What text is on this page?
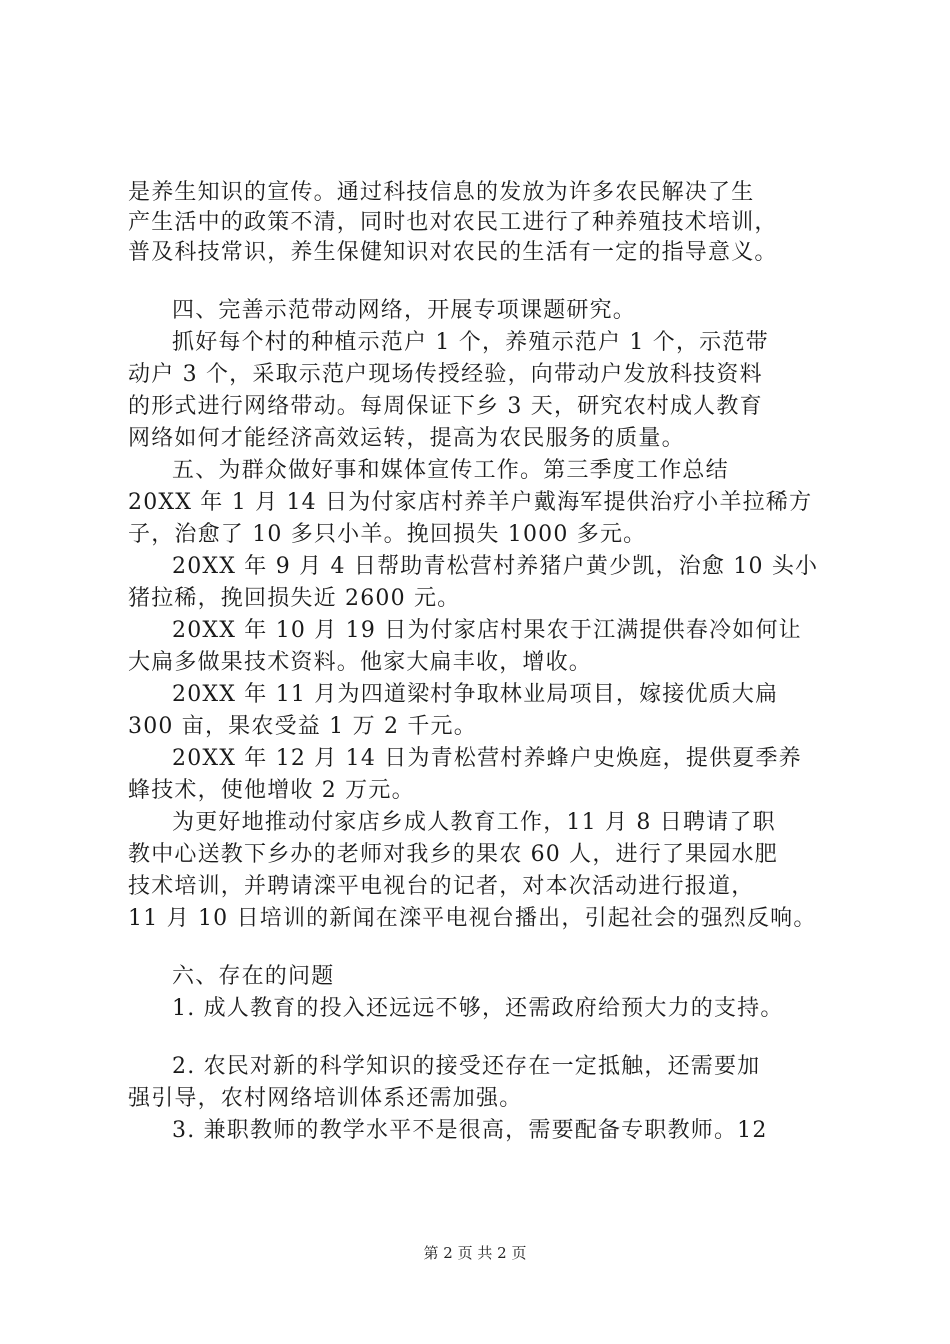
是养生知识的宣传。通过科技信息的发放为许多农民解决了生
产生活中的政策不清，同时也对农民工进行了种养殖技术培训，
普及科技常识，养生保健知识对农民的生活有一定的指导意义。
四、完善示范带动网络，开展专项课题研究。
抓好每个村的种植示范户 1 个，养殖示范户 1 个，示范带
动户 3 个，采取示范户现场传授经验，向带动户发放科技资料
的形式进行网络带动。每周保证下乡 3 天，研究农村成人教育
网络如何才能经济高效运转，提高为农民服务的质量。
五、为群众做好事和媒体宣传工作。第三季度工作总结
20XX 年 1 月 14 日为付家店村养羊户戴海军提供治疗小羊拉稀方
子，治愈了 10 多只小羊。挽回损失 1000 多元。
20XX 年 9 月 4 日帮助青松营村养猪户黄少凯，治愈 10 头小
猪拉稀，挽回损失近 2600 元。
20XX 年 10 月 19 日为付家店村果农于江满提供春冷如何让
大扁多做果技术资料。他家大扁丰收，增收。
20XX 年 11 月为四道梁村争取林业局项目，嫁接优质大扁
300 亩，果农受益 1 万 2 千元。
20XX 年 12 月 14 日为青松营村养蜂户史焕庭，提供夏季养
蜂技术，使他增收 2 万元。
为更好地推动付家店乡成人教育工作，11 月 8 日聘请了职
教中心送教下乡办的老师对我乡的果农 60 人，进行了果园水肥
技术培训，并聘请滦平电视台的记者，对本次活动进行报道，
11 月 10 日培训的新闻在滦平电视台播出，引起社会的强烈反响。
六、存在的问题
1. 成人教育的投入还远远不够，还需政府给预大力的支持。
2. 农民对新的科学知识的接受还存在一定抵触，还需要加
强引导，农村网络培训体系还需加强。
3. 兼职教师的教学水平不是很高，需要配备专职教师。12
第 2 页 共 2 页
